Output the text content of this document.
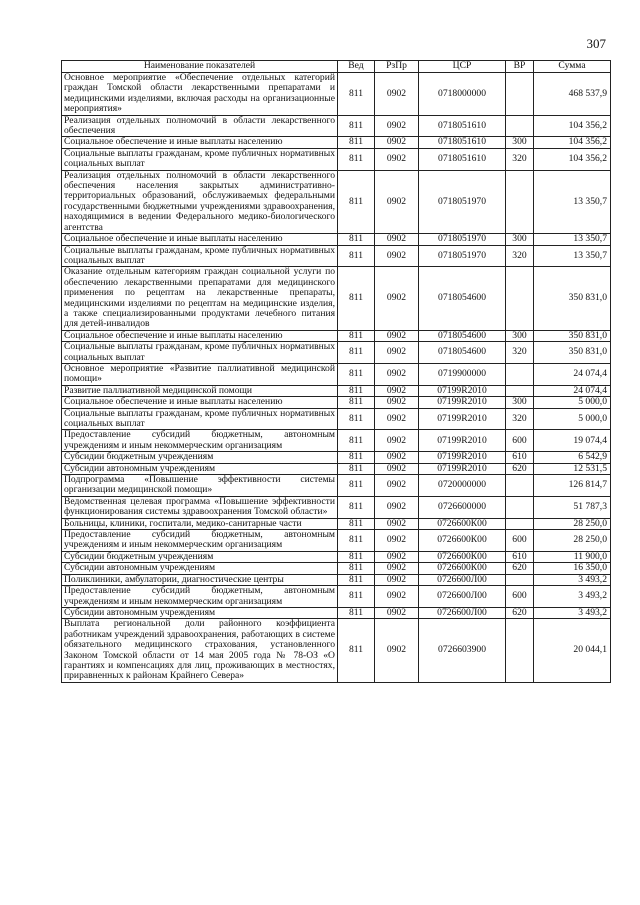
307
Наименование показателей	Вед	РзПр	ЦСР	ВР	Сумма
Основное мероприятие «Обеспечение отдельных категорий граждан Томской области лекарственными препаратами и медицинскими изделиями, включая расходы на организационные мероприятия»	811	0902	0718000000		468 537,9
Реализация отдельных полномочий в области лекарственного обеспечения	811	0902	0718051610		104 356,2
Социальное обеспечение и иные выплаты населению	811	0902	0718051610	300	104 356,2
Социальные выплаты гражданам, кроме публичных нормативных социальных выплат	811	0902	0718051610	320	104 356,2
Реализация отдельных полномочий в области лекарственного обеспечения населения закрытых административно-территориальных образований, обслуживаемых федеральными государственными бюджетными учреждениями здравоохранения, находящимися в ведении Федерального медико-биологического агентства	811	0902	0718051970		13 350,7
Социальное обеспечение и иные выплаты населению	811	0902	0718051970	300	13 350,7
Социальные выплаты гражданам, кроме публичных нормативных социальных выплат	811	0902	0718051970	320	13 350,7
Оказание отдельным категориям граждан социальной услуги по обеспечению лекарственными препаратами для медицинского применения по рецептам на лекарственные препараты, медицинскими изделиями по рецептам на медицинские изделия, а также специализированными продуктами лечебного питания для детей-инвалидов	811	0902	0718054600		350 831,0
Социальное обеспечение и иные выплаты населению	811	0902	0718054600	300	350 831,0
Социальные выплаты гражданам, кроме публичных нормативных социальных выплат	811	0902	0718054600	320	350 831,0
Основное мероприятие «Развитие паллиативной медицинской помощи»	811	0902	0719900000		24 074,4
Развитие паллиативной медицинской помощи	811	0902	07199R2010		24 074,4
Социальное обеспечение и иные выплаты населению	811	0902	07199R2010	300	5 000,0
Социальные выплаты гражданам, кроме публичных нормативных социальных выплат	811	0902	07199R2010	320	5 000,0
Предоставление субсидий бюджетным, автономным учреждениям и иным некоммерческим организациям	811	0902	07199R2010	600	19 074,4
Субсидии бюджетным учреждениям	811	0902	07199R2010	610	6 542,9
Субсидии автономным учреждениям	811	0902	07199R2010	620	12 531,5
Подпрограмма «Повышение эффективности системы организации медицинской помощи»	811	0902	0720000000		126 814,7
Ведомственная целевая программа «Повышение эффективности функционирования системы здравоохранения Томской области»	811	0902	0726600000		51 787,3
Больницы, клиники, госпитали, медико-санитарные части	811	0902	0726600К00		28 250,0
Предоставление субсидий бюджетным, автономным учреждениям и иным некоммерческим организациям	811	0902	0726600К00	600	28 250,0
Субсидии бюджетным учреждениям	811	0902	0726600К00	610	11 900,0
Субсидии автономным учреждениям	811	0902	0726600К00	620	16 350,0
Поликлиники, амбулатории, диагностические центры	811	0902	0726600Л00		3 493,2
Предоставление субсидий бюджетным, автономным учреждениям и иным некоммерческим организациям	811	0902	0726600Л00	600	3 493,2
Субсидии автономным учреждениям	811	0902	0726600Л00	620	3 493,2
Выплата региональной доли районного коэффициента работникам учреждений здравоохранения, работающих в системе обязательного медицинского страхования, установленного Законом Томской области от 14 мая 2005 года № 78-ОЗ «О гарантиях и компенсациях для лиц, проживающих в местностях, приравненных к районам Крайнего Севера»	811	0902	0726603900		20 044,1
